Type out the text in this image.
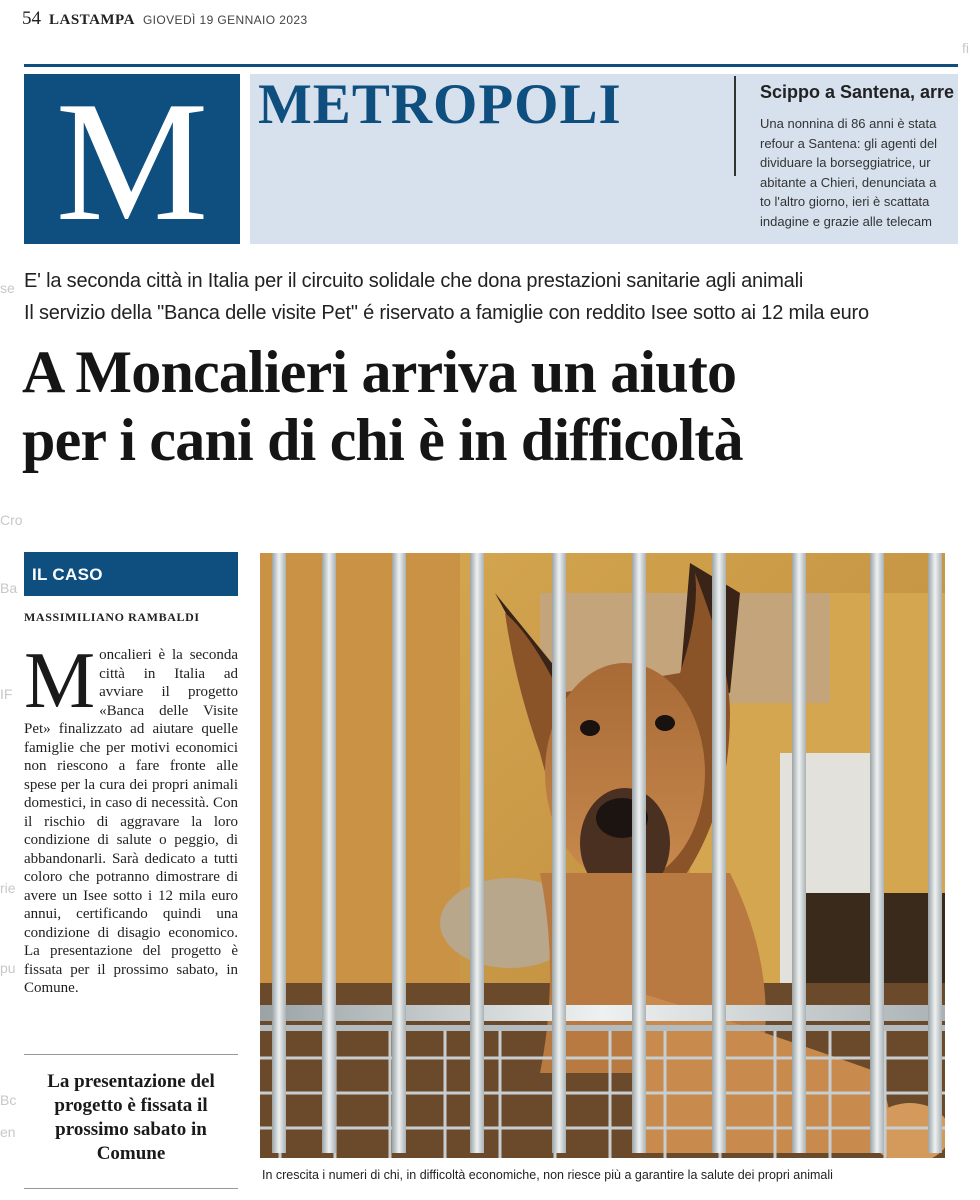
54 LASTAMPA GIOVEDÌ 19 GENNAIO 2023
se
Cro
Ba
IF
rie
pu
Bc
en
fi
M METROPOLI	Scippo a Santena, arre
Una nonnina di 86 anni è stata
refour a Santena: gli agenti del
dividuare la borseggiatrice, ur
abitante a Chieri, denunciata a
to l'altro giorno, ieri è scattata
indagine e grazie alle telecam
E' la seconda città in Italia per il circuito solidale che dona prestazioni sanitarie agli animali
Il servizio della "Banca delle visite Pet" é riservato a famiglie con reddito Isee sotto ai 12 mila euro
A Moncalieri arriva un aiuto
per i cani di chi è in difficoltà
IL CASO
MASSIMILIANO RAMBALDI
M oncalieri è la seconda città in Italia ad avviare il progetto «Banca delle Visite Pet» finalizzato ad aiutare quelle famiglie che per motivi economici non riescono a fare fronte alle spese per la cura dei propri animali domestici, in caso di necessità. Con il rischio di aggravare la loro condizione di salute o peggio, di abbandonarli. Sarà dedicato a tutti coloro che potranno dimostrare di avere un Isee sotto i 12 mila euro annui, certificando quindi una condizione di disagio economico. La presentazione del progetto è fissata per il prossimo sabato, in Comune.

La presentazione del progetto è fissata il prossimo sabato in Comune
In crescita i numeri di chi, in difficoltà economiche, non riesce più a garantire la salute dei propri animali
